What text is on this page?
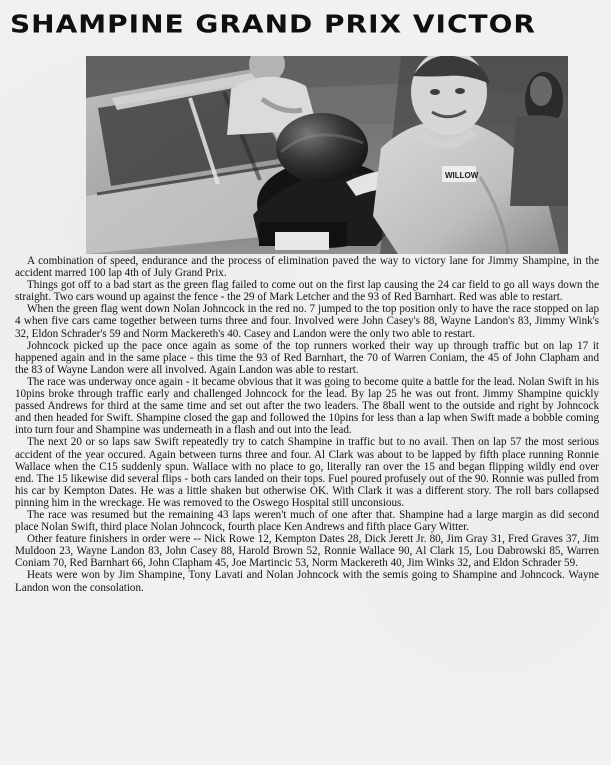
SHAMPINE GRAND PRIX VICTOR
WILLOW

A combination of speed, endurance and the process of elimination paved the way to victory lane for Jimmy Shampine, in the accident marred 100 lap 4th of July Grand Prix.

Things got off to a bad start as the green flag failed to come out on the first lap causing the 24 car field to go all ways down the straight. Two cars wound up against the fence - the 29 of Mark Letcher and the 93 of Red Barnhart. Red was able to restart.

When the green flag went down Nolan Johncock in the red no. 7 jumped to the top position only to have the race stopped on lap 4 when five cars came together between turns three and four. Involved were John Casey's 88, Wayne Landon's 83, Jimmy Wink's 32, Eldon Schrader's 59 and Norm Mackereth's 40. Casey and Landon were the only two able to restart.

Johncock picked up the pace once again as some of the top runners worked their way up through traffic but on lap 17 it happened again and in the same place - this time the 93 of Red Barnhart, the 70 of Warren Coniam, the 45 of John Clapham and the 83 of Wayne Landon were all involved. Again Landon was able to restart.

The race was underway once again - it became obvious that it was going to become quite a battle for the lead. Nolan Swift in his 10pins broke through traffic early and challenged Johncock for the lead. By lap 25 he was out front. Jimmy Shampine quickly passed Andrews for third at the same time and set out after the two leaders. The 8ball went to the outside and right by Johncock and then headed for Swift. Shampine closed the gap and followed the 10pins for less than a lap when Swift made a bobble coming into turn four and Shampine was underneath in a flash and out into the lead.

The next 20 or so laps saw Swift repeatedly try to catch Shampine in traffic but to no avail. Then on lap 57 the most serious accident of the year occured. Again between turns three and four. Al Clark was about to be lapped by fifth place running Ronnie Wallace when the C15 suddenly spun. Wallace with no place to go, literally ran over the 15 and began flipping wildly end over end. The 15 likewise did several flips - both cars landed on their tops. Fuel poured profusely out of the 90. Ronnie was pulled from his car by Kempton Dates. He was a little shaken but otherwise OK. With Clark it was a different story. The roll bars collapsed pinning him in the wreckage. He was removed to the Oswego Hospital still unconsious.

The race was resumed but the remaining 43 laps weren't much of one after that. Shampine had a large margin as did second place Nolan Swift, third place Nolan Johncock, fourth place Ken Andrews and fifth place Gary Witter.

Other feature finishers in order were -- Nick Rowe 12, Kempton Dates 28, Dick Jerett Jr. 80, Jim Gray 31, Fred Graves 37, Jim Muldoon 23, Wayne Landon 83, John Casey 88, Harold Brown 52, Ronnie Wallace 90, Al Clark 15, Lou Dabrowski 85, Warren Coniam 70, Red Barnhart 66, John Clapham 45, Joe Martincic 53, Norm Mackereth 40, Jim Winks 32, and Eldon Schrader 59.

Heats were won by Jim Shampine, Tony Lavati and Nolan Johncock with the semis going to Shampine and Johncock. Wayne Landon won the consolation.
